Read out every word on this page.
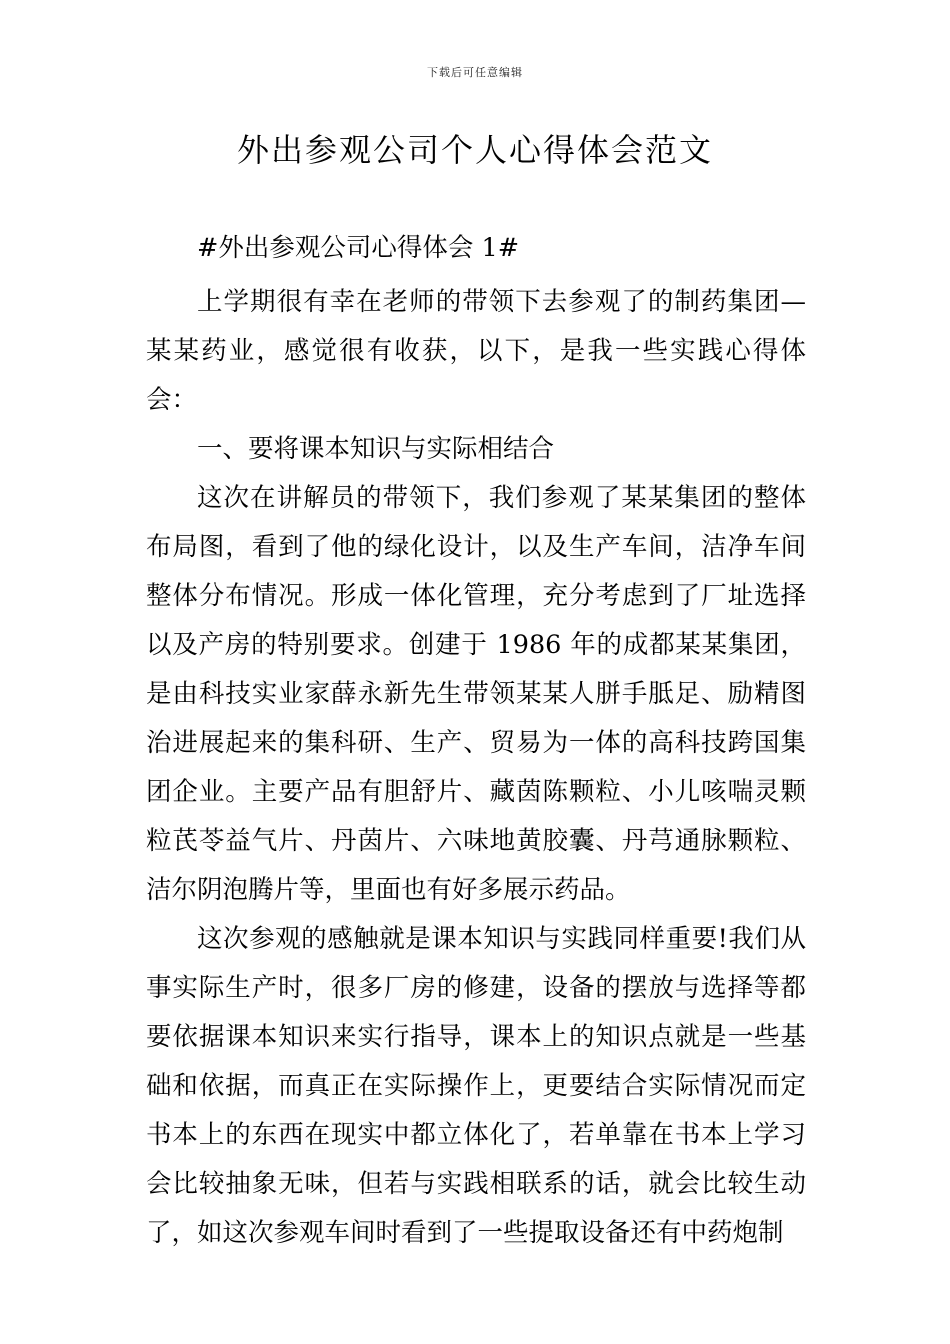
下载后可任意编辑
外出参观公司个人心得体会范文

#外出参观公司心得体会 1#

上学期很有幸在老师的带领下去参观了的制药集团—某某药业，感觉很有收获，以下，是我一些实践心得体会：

一、要将课本知识与实际相结合

这次在讲解员的带领下，我们参观了某某集团的整体布局图，看到了他的绿化设计，以及生产车间，洁净车间整体分布情况。形成一体化管理，充分考虑到了厂址选择以及产房的特别要求。创建于 1986 年的成都某某集团，是由科技实业家薛永新先生带领某某人胼手胝足、励精图治进展起来的集科研、生产、贸易为一体的高科技跨国集团企业。主要产品有胆舒片、藏茵陈颗粒、小儿咳喘灵颗粒芪苓益气片、丹茵片、六味地黄胶囊、丹芎通脉颗粒、洁尔阴泡腾片等，里面也有好多展示药品。

这次参观的感触就是课本知识与实践同样重要!我们从事实际生产时，很多厂房的修建，设备的摆放与选择等都要依据课本知识来实行指导，课本上的知识点就是一些基础和依据，而真正在实际操作上，更要结合实际情况而定书本上的东西在现实中都立体化了，若单靠在书本上学习会比较抽象无味，但若与实践相联系的话，就会比较生动了，如这次参观车间时看到了一些提取设备还有中药炮制
